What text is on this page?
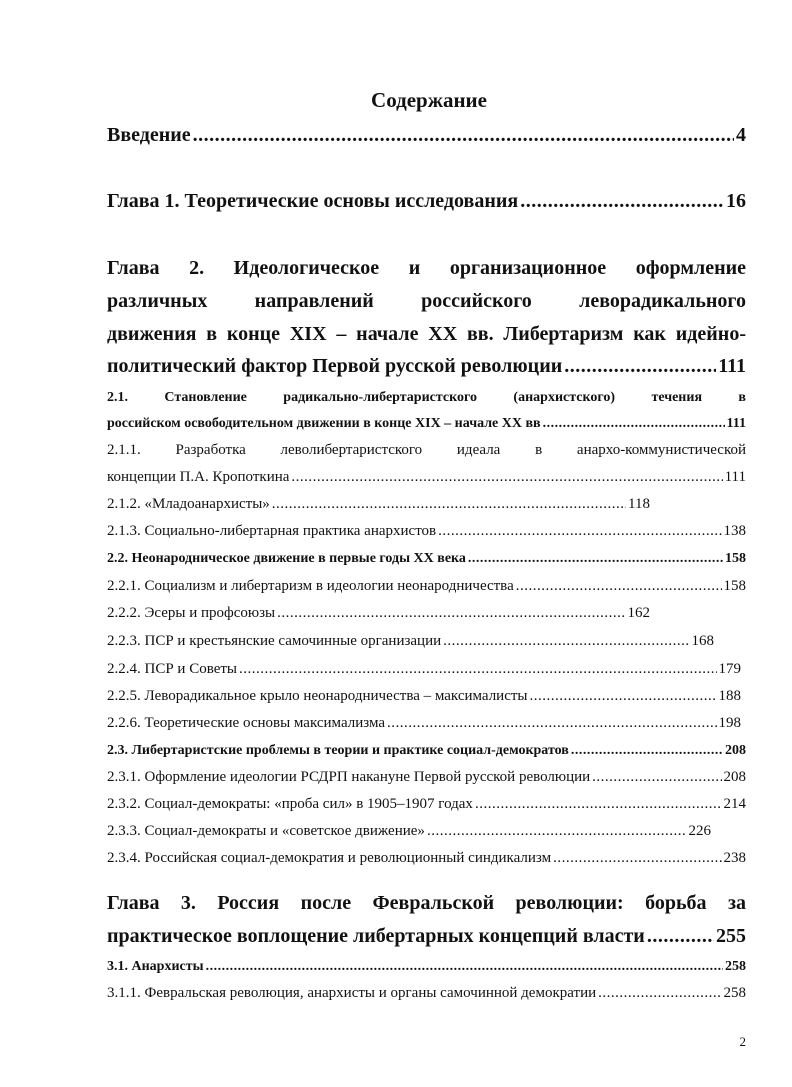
Содержание
Введение .....	4
Глава 1. Теоретические основы исследования .....	16
Глава 2. Идеологическое и организационное оформление
различных направлений российского леворадикального
движения в конце XIX – начале XX вв. Либертаризм как идейно-
политический фактор Первой русской революции .....	111
2.1. Становление радикально-либертаристского (анархистского) течения в
российском освободительном движении в конце XIX – начале XX вв .....	111
2.1.1. Разработка леволибертаристского идеала в анархо-коммунистической
концепции П.А. Кропоткина .....	111
2.1.2. «Младоанархисты» .....	118
2.1.3. Социально-либертарная практика анархистов .....	138
2.2. Неонародническое движение в первые годы XX века .....	158
2.2.1. Социализм и либертаризм в идеологии неонародничества .....	158
2.2.2. Эсеры и профсоюзы .....	162
2.2.3. ПСР и крестьянские самочинные организации .....	168
2.2.4. ПСР и Советы .....	179
2.2.5. Леворадикальное крыло неонародничества – максималисты .....	188
2.2.6. Теоретические основы максимализма .....	198
2.3. Либертаристские проблемы в теории и практике социал-демократов .....	208
2.3.1. Оформление идеологии РСДРП накануне Первой русской революции .....	208
2.3.2. Социал-демократы: «проба сил» в 1905–1907 годах .....	214
2.3.3. Социал-демократы и «советское движение» .....	226
2.3.4. Российская социал-демократия и революционный синдикализм .....	238
Глава 3. Россия после Февральской революции: борьба за
практическое воплощение либертарных концепций власти .....	255
3.1. Анархисты .....	258
3.1.1. Февральская революция, анархисты и органы самочинной демократии .....	258
2
